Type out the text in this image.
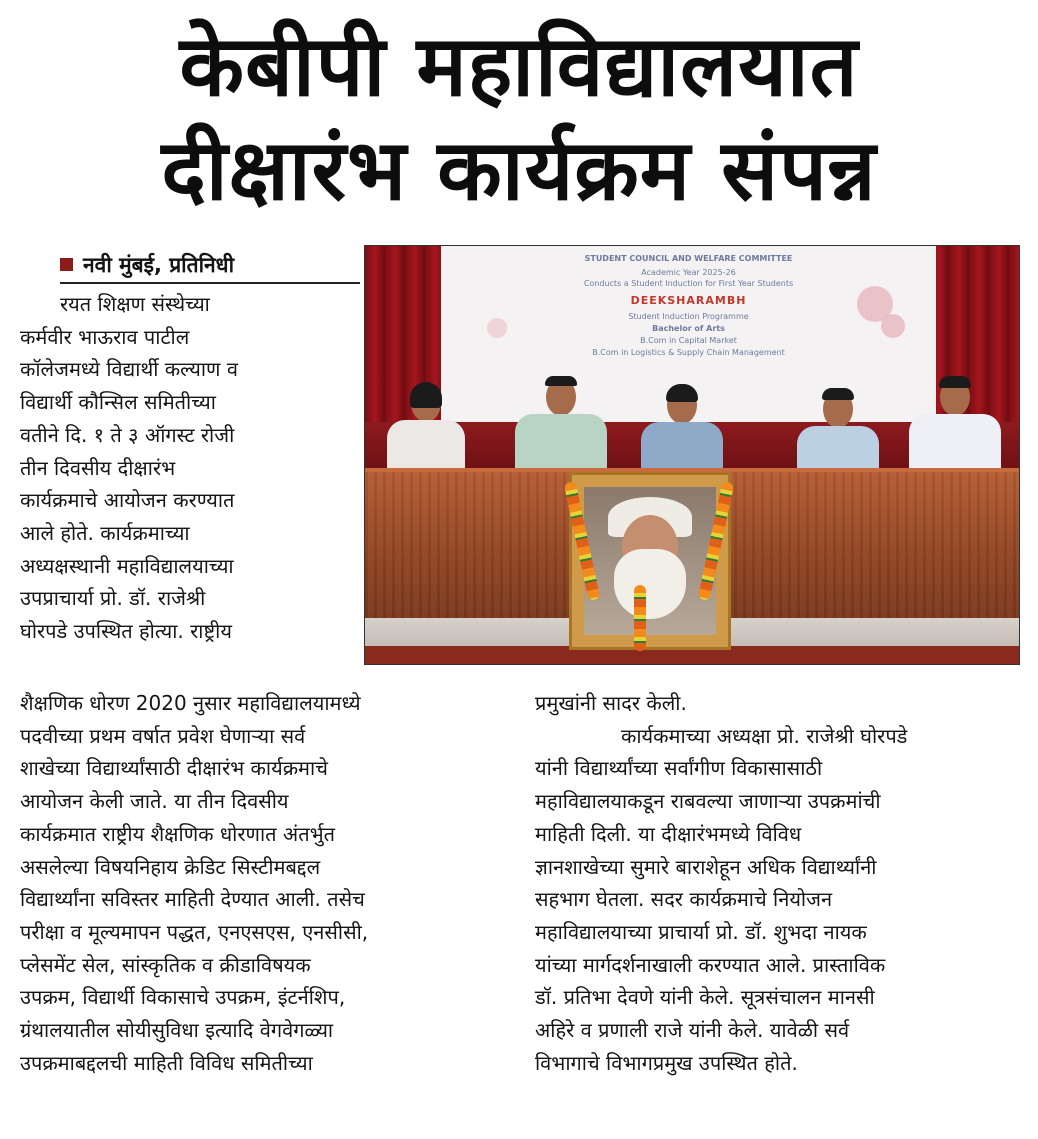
केबीपी महाविद्यालयात
दीक्षारंभ कार्यक्रम संपन्न
नवी मुंबई, प्रतिनिधी

रयत शिक्षण संस्थेच्या

कर्मवीर भाऊराव पाटील

कॉलेजमध्ये विद्यार्थी कल्याण व

विद्यार्थी कौन्सिल समितीच्या

वतीने दि. १ ते ३ ऑगस्ट रोजी

तीन दिवसीय दीक्षारंभ

कार्यक्रमाचे आयोजन करण्यात

आले होते. कार्यक्रमाच्या

अध्यक्षस्थानी महाविद्यालयाच्या

उपप्राचार्या प्रो. डॉ. राजेश्री

घोरपडे उपस्थित होत्या. राष्ट्रीय

STUDENT COUNCIL AND WELFARE COMMITTEE
Academic Year 2025-26
Conducts a Student Induction for First Year Students
DEEKSHARAMBH
Student Induction Programme
Bachelor of Arts
B.Com in Capital Market
B.Com in Logistics & Supply Chain Management

शैक्षणिक धोरण 2020 नुसार महाविद्यालयामध्ये

पदवीच्या प्रथम वर्षात प्रवेश घेणाऱ्या सर्व

शाखेच्या विद्यार्थ्यांसाठी दीक्षारंभ कार्यक्रमाचे

आयोजन केली जाते. या तीन दिवसीय

कार्यक्रमात राष्ट्रीय शैक्षणिक धोरणात अंतर्भुत

असलेल्या विषयनिहाय क्रेडिट सिस्टीमबद्दल

विद्यार्थ्यांना सविस्तर माहिती देण्यात आली. तसेच

परीक्षा व मूल्यमापन पद्धत, एनएसएस, एनसीसी,

प्लेसमेंट सेल, सांस्कृतिक व क्रीडाविषयक

उपक्रम, विद्यार्थी विकासाचे उपक्रम, इंटर्नशिप,

ग्रंथालयातील सोयीसुविधा इत्यादि वेगवेगळ्या

उपक्रमाबद्दलची माहिती विविध समितीच्या

प्रमुखांनी सादर केली.

कार्यकमाच्या अध्यक्षा प्रो. राजेश्री घोरपडे

यांनी विद्यार्थ्यांच्या सर्वांगीण विकासासाठी

महाविद्यालयाकडून राबवल्या जाणाऱ्या उपक्रमांची

माहिती दिली. या दीक्षारंभमध्ये विविध

ज्ञानशाखेच्या सुमारे बाराशेहून अधिक विद्यार्थ्यांनी

सहभाग घेतला. सदर कार्यक्रमाचे नियोजन

महाविद्यालयाच्या प्राचार्या प्रो. डॉ. शुभदा नायक

यांच्या मार्गदर्शनाखाली करण्यात आले. प्रास्ताविक

डॉ. प्रतिभा देवणे यांनी केले. सूत्रसंचालन मानसी

अहिरे व प्रणाली राजे यांनी केले. यावेळी सर्व

विभागाचे विभागप्रमुख उपस्थित होते.
